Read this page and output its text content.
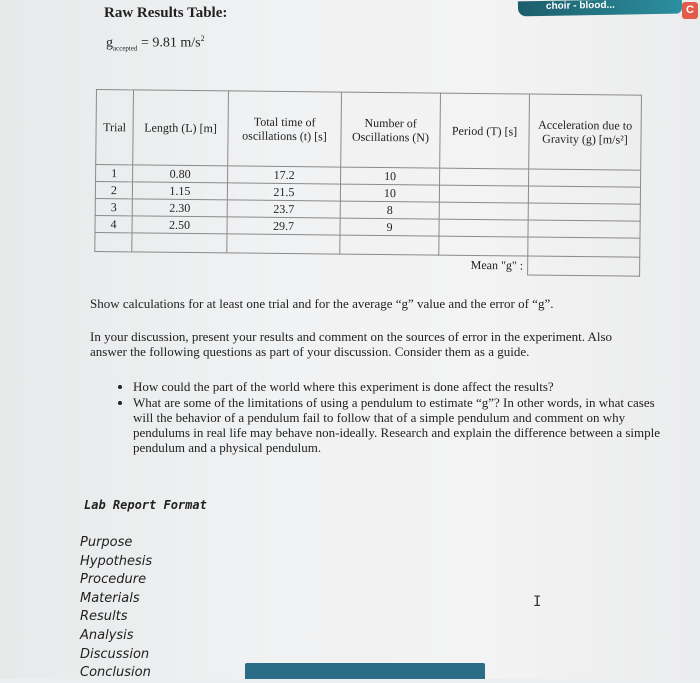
Raw Results Table:
$g_{accepted} = 9.81$ $m/s^2$
choir - blood...	C
Trial	Length (L) [m]	Total time of oscillations (t) [s]	Number of Oscillations (N)	Period (T) [s]	Acceleration due to Gravity (g) [m/s²]
1	0.80	17.2	10		
2	1.15	21.5	10		
3	2.30	23.7	8		
4	2.50	29.7	9		

Mean "g" :					
Show calculations for at least one trial and for the average “g” value and the error of “g”.
In your discussion, present your results and comment on the sources of error in the experiment. Also answer the following questions as part of your discussion. Consider them as a guide.
• How could the part of the world where this experiment is done affect the results?
• What are some of the limitations of using a pendulum to estimate “g”? In other words, in what cases will the behavior of a pendulum fail to follow that of a simple pendulum and comment on why pendulums in real life may behave non-ideally. Research and explain the difference between a simple pendulum and a physical pendulum.
Lab Report Format
Purpose
Hypothesis
Procedure
Materials
Results
Analysis
Discussion
Conclusion
I
